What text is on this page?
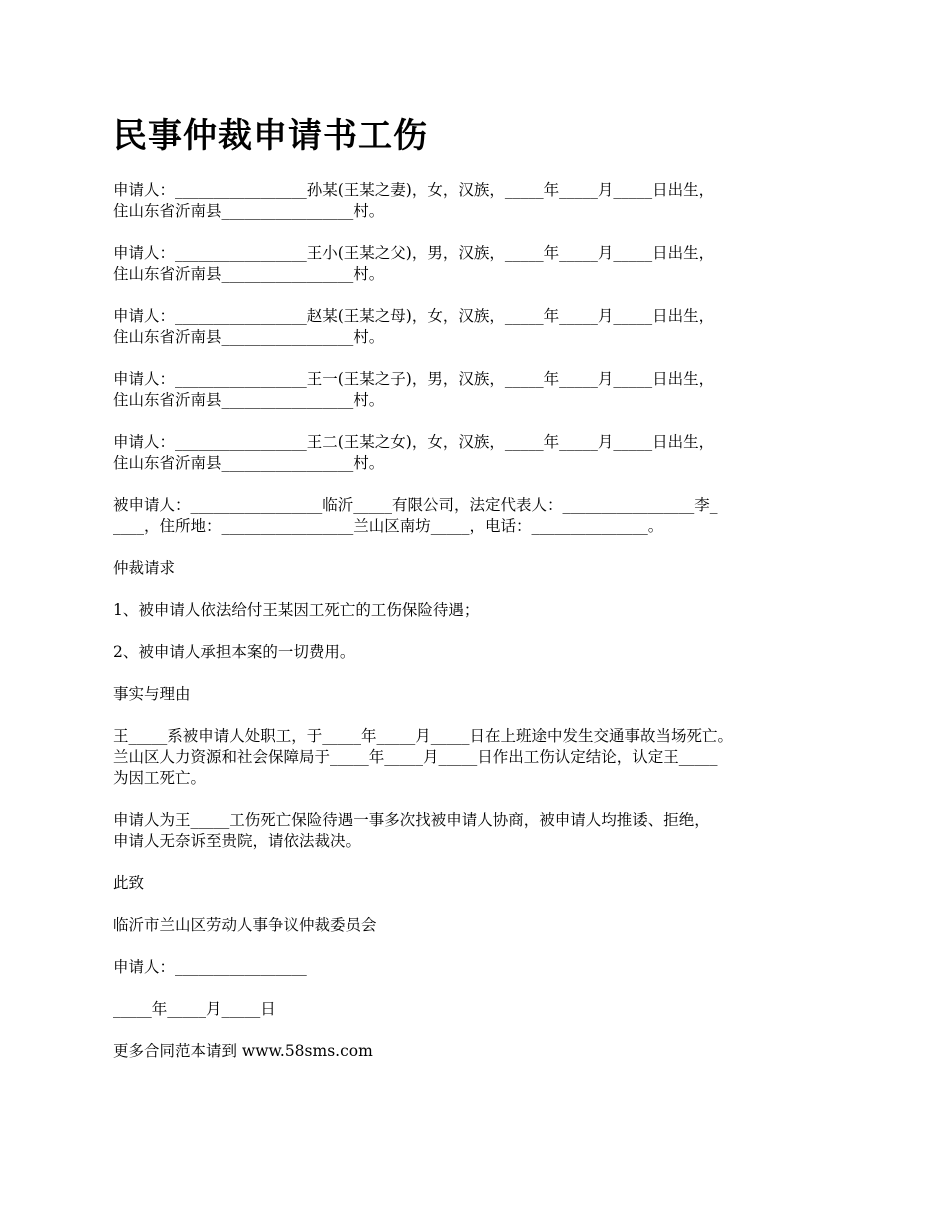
民事仲裁申请书工伤
申请人：_________________孙某(王某之妻)，女，汉族，_____年_____月_____日出生，
住山东省沂南县_________________村。
申请人：_________________王小(王某之父)，男，汉族，_____年_____月_____日出生，
住山东省沂南县_________________村。
申请人：_________________赵某(王某之母)，女，汉族，_____年_____月_____日出生，
住山东省沂南县_________________村。
申请人：_________________王一(王某之子)，男，汉族，_____年_____月_____日出生，
住山东省沂南县_________________村。
申请人：_________________王二(王某之女)，女，汉族，_____年_____月_____日出生，
住山东省沂南县_________________村。
被申请人：_________________临沂_____有限公司，法定代表人：_________________李_
____，住所地：_________________兰山区南坊_____，电话：_______________。
仲裁请求
1、被申请人依法给付王某因工死亡的工伤保险待遇；
2、被申请人承担本案的一切费用。
事实与理由
王_____系被申请人处职工，于_____年_____月_____日在上班途中发生交通事故当场死亡。
兰山区人力资源和社会保障局于_____年_____月_____日作出工伤认定结论，认定王_____
为因工死亡。
申请人为王_____工伤死亡保险待遇一事多次找被申请人协商，被申请人均推诿、拒绝，
申请人无奈诉至贵院，请依法裁决。
此致
临沂市兰山区劳动人事争议仲裁委员会
申请人：_________________
_____年_____月_____日
更多合同范本请到 www.58sms.com
